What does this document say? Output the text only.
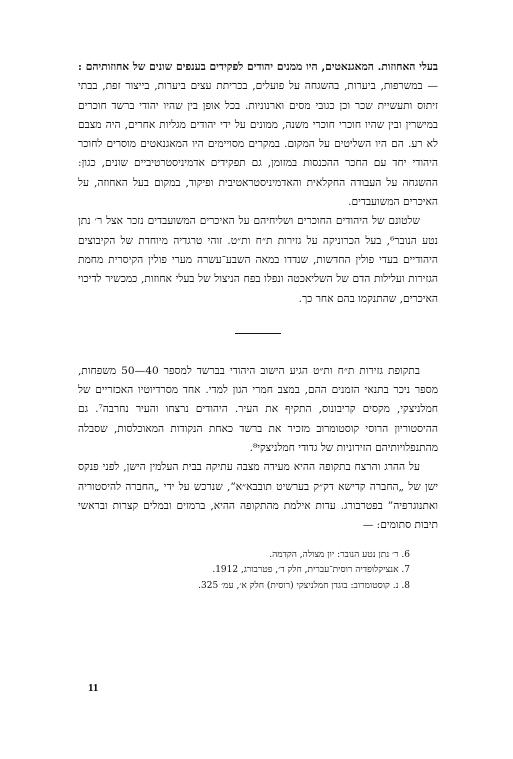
בעלי האחוזות. המאגנאטים, היו ממנים יהודים לפקידים בענפים שונים של אחוזותיהם : — במשרפות, ביערות, בהשגחה על פועלים, בכריתת עצים ביערות, בייצור זפת, בבתי זיתוס ותעשיית שכר וכן כגובי מסים וארנוניות. בכל אופן בין שהיו יהודי ברשד חוכרים במישרין ובין שהיו חוכרי חוכרי משנה, ממונים על ידי יהודים מגליות אחרים, היה מצבם לא רע. הם היו השליטים על המקום. במקרים מסויימים היו המאגנאטים מוסרים לחוכר היהודי יחד עם החכר ההכנסות במזומן, גם תפקידים אדמיניסטרטיביים שונים, כגון: ההשגחה על העבודה החקלאית והאדמיניסטראטיבית ופיקוד, במקום בעל האחוזה, על האיכרים המשועבדים.

שלטונם של היהודים החוכרים ושליחיהם על האיכרים המשועבדים נזכר אצל ר׳ נתן נטע הנובר⁶, בעל הכרוניקה על גזירות ת״ח ות״ט. זוהי טרגדיה מיוחדת של הקיבוצים היהודיים בעדי פולין החדשות, שנדדו במאה השבע־עשרה מערי פולין הקיסרית מחמת הגזירות ועלילות הדם של השליאכטה ונפלו בפח הניצול של בעלי אחוזות, כמכשיר לדיכוי האיכרים, שהתנקמו בהם אחר כך.

בתקופת גזירות ת״ח ות״ט הגיע הישוב היהודי בברשד למספר 40—50 משפחות, מספר ניכר בתנאי הזמנים ההם, במצב חמרי הגון למדי. אחד מסרדיוטיו האכזריים של חמלניצקי, מקסים קריבונוס, התקיף את העיר. היהודים נרצחו והעיר נחרבה⁷. גם ההיסטוריון הרוסי קוסטומרוב מזכיר את ברשד כאחת הנקודות המאוכלסות, שסבלה מהתנפלויותיהם הזידוניות של גדודי חמלניצקי⁸.

על ההרג והרצח בתקופה ההיא מעידה מצבה עתיקה בבית העלמין הישן, לפני פנקס ישן של „החברה קדישא דק״ק בערשיט תובבא״א”, שנרכש על ידי „החברה להיסטוריה ואתנוגרפיה” בפטרבורג. עדות אילמת מהתקופה ההיא, ברמזים ובמלים קצרות ובראשי תיבות סתומים: —

6. ר׳ נתן נטע הנובר: יון מצולה, הקדמה.

7. אנציקלופדיה רוסית־עברית, חלק ד׳, פטרבורג, 1912.

8. נ. קוסטומרוב: בוגדן חמלניצקי (רוסית) חלק א׳, עמ׳ 325.

11
